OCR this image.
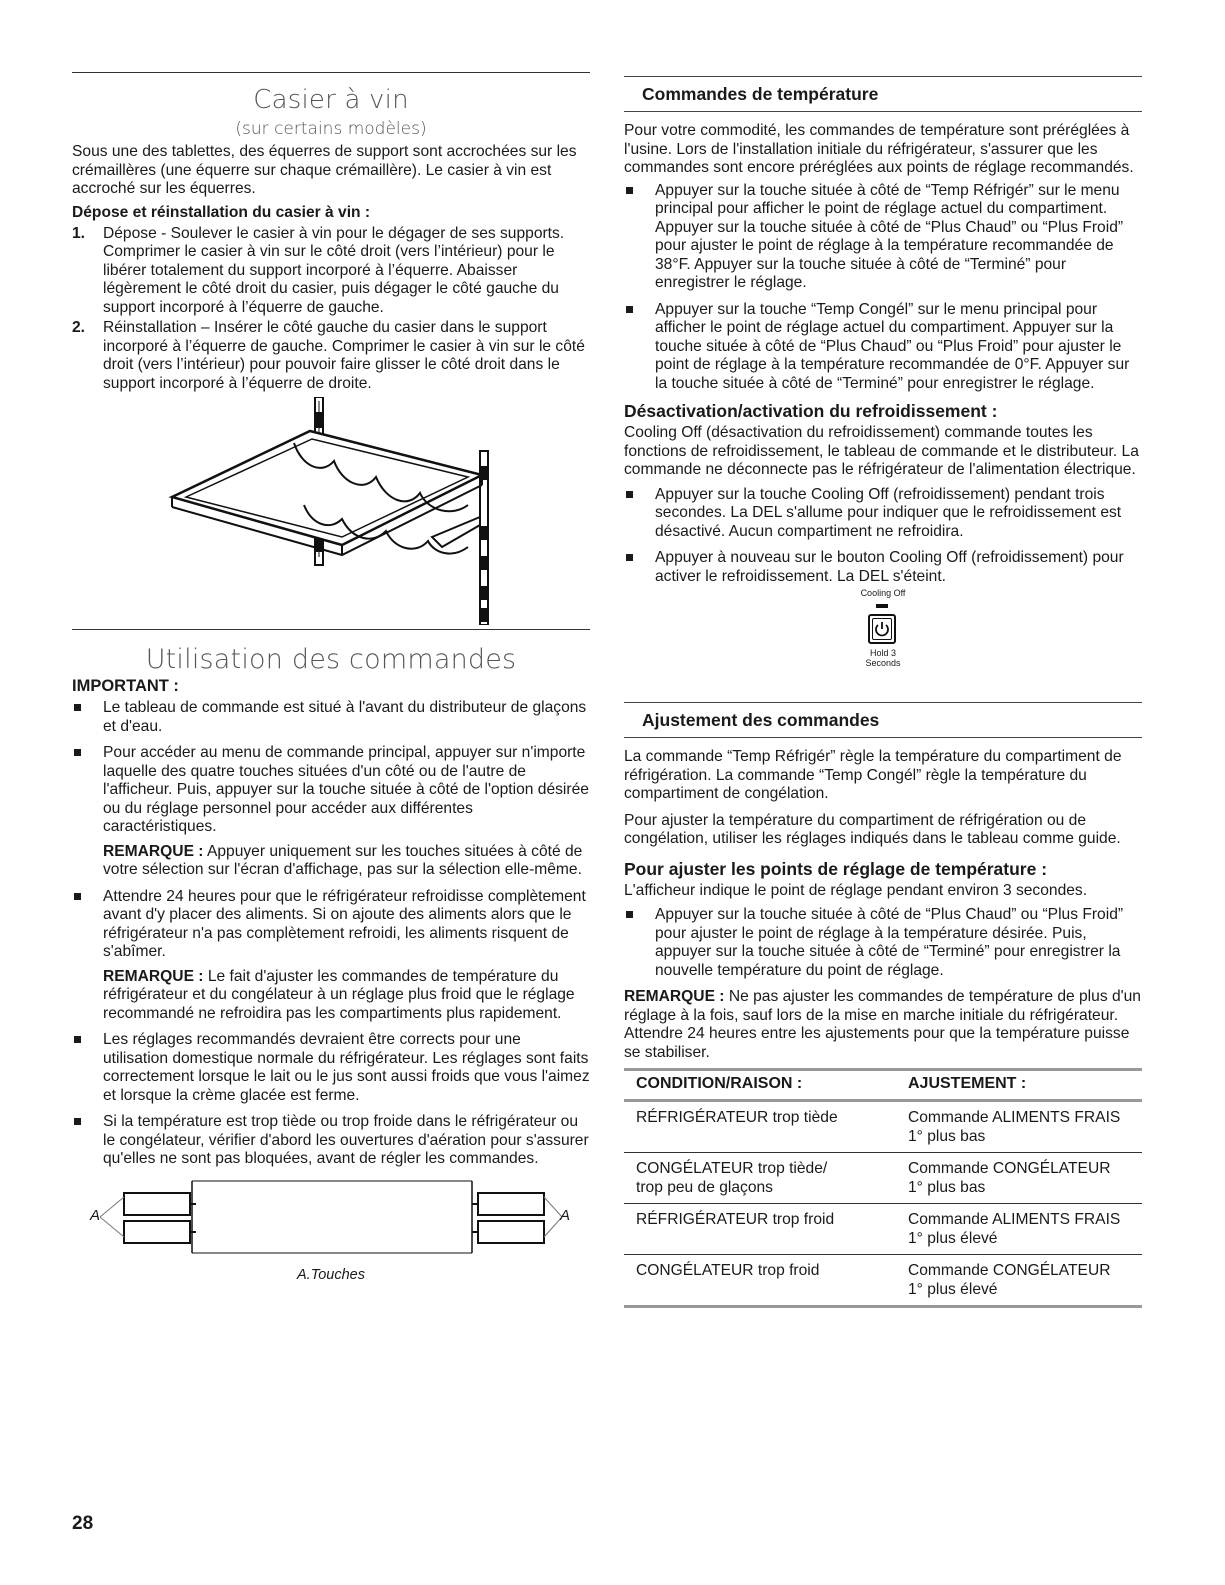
Casier à vin
(sur certains modèles)

Sous une des tablettes, des équerres de support sont accrochées sur les crémaillères (une équerre sur chaque crémaillère). Le casier à vin est accroché sur les équerres.

Dépose et réinstallation du casier à vin :
1. Dépose - Soulever le casier à vin pour le dégager de ses supports. Comprimer le casier à vin sur le côté droit (vers l’intérieur) pour le libérer totalement du support incorporé à l’équerre. Abaisser légèrement le côté droit du casier, puis dégager le côté gauche du support incorporé à l’équerre de gauche.
2. Réinstallation – Insérer le côté gauche du casier dans le support incorporé à l’équerre de gauche. Comprimer le casier à vin sur le côté droit (vers l’intérieur) pour pouvoir faire glisser le côté droit dans le support incorporé à l’équerre de droite.
Utilisation des commandes
IMPORTANT :
Le tableau de commande est situé à l'avant du distributeur de glaçons et d'eau.
Pour accéder au menu de commande principal, appuyer sur n'importe laquelle des quatre touches situées d'un côté ou de l'autre de l'afficheur. Puis, appuyer sur la touche située à côté de l'option désirée ou du réglage personnel pour accéder aux différentes caractéristiques.

REMARQUE : Appuyer uniquement sur les touches situées à côté de votre sélection sur l'écran d'affichage, pas sur la sélection elle-même.

Attendre 24 heures pour que le réfrigérateur refroidisse complètement avant d'y placer des aliments. Si on ajoute des aliments alors que le réfrigérateur n'a pas complètement refroidi, les aliments risquent de s'abîmer.

REMARQUE : Le fait d'ajuster les commandes de température du réfrigérateur et du congélateur à un réglage plus froid que le réglage recommandé ne refroidira pas les compartiments plus rapidement.

Les réglages recommandés devraient être corrects pour une utilisation domestique normale du réfrigérateur. Les réglages sont faits correctement lorsque le lait ou le jus sont aussi froids que vous l'aimez et lorsque la crème glacée est ferme.
Si la température est trop tiède ou trop froide dans le réfrigérateur ou le congélateur, vérifier d'abord les ouvertures d'aération pour s'assurer qu'elles ne sont pas bloquées, avant de régler les commandes.
A	A
A.Touches
Commandes de température

Pour votre commodité, les commandes de température sont préréglées à l'usine. Lors de l'installation initiale du réfrigérateur, s'assurer que les commandes sont encore préréglées aux points de réglage recommandés.

Appuyer sur la touche située à côté de “Temp Réfrigér” sur le menu principal pour afficher le point de réglage actuel du compartiment. Appuyer sur la touche située à côté de “Plus Chaud” ou “Plus Froid” pour ajuster le point de réglage à la température recommandée de 38°F. Appuyer sur la touche située à côté de “Terminé” pour enregistrer le réglage.
Appuyer sur la touche “Temp Congél” sur le menu principal pour afficher le point de réglage actuel du compartiment. Appuyer sur la touche située à côté de “Plus Chaud” ou “Plus Froid” pour ajuster le point de réglage à la température recommandée de 0°F. Appuyer sur la touche située à côté de “Terminé” pour enregistrer le réglage.
Désactivation/activation du refroidissement :

Cooling Off (désactivation du refroidissement) commande toutes les fonctions de refroidissement, le tableau de commande et le distributeur. La commande ne déconnecte pas le réfrigérateur de l'alimentation électrique.

Appuyer sur la touche Cooling Off (refroidissement) pendant trois secondes. La DEL s'allume pour indiquer que le refroidissement est désactivé. Aucun compartiment ne refroidira.
Appuyer à nouveau sur le bouton Cooling Off (refroidissement) pour activer le refroidissement. La DEL s'éteint.
Cooling Off
Hold 3
Seconds
Ajustement des commandes

La commande “Temp Réfrigér” règle la température du compartiment de réfrigération. La commande “Temp Congél” règle la température du compartiment de congélation.

Pour ajuster la température du compartiment de réfrigération ou de congélation, utiliser les réglages indiqués dans le tableau comme guide.

Pour ajuster les points de réglage de température :

L'afficheur indique le point de réglage pendant environ 3 secondes.

Appuyer sur la touche située à côté de “Plus Chaud” ou “Plus Froid” pour ajuster le point de réglage à la température désirée. Puis, appuyer sur la touche située à côté de “Terminé” pour enregistrer la nouvelle température du point de réglage.

REMARQUE : Ne pas ajuster les commandes de température de plus d'un réglage à la fois, sauf lors de la mise en marche initiale du réfrigérateur. Attendre 24 heures entre les ajustements pour que la température puisse se stabiliser.

CONDITION/RAISON :	AJUSTEMENT :
RÉFRIGÉRATEUR trop tiède	Commande ALIMENTS FRAIS 1° plus bas
CONGÉLATEUR trop tiède/ trop peu de glaçons	Commande CONGÉLATEUR 1° plus bas
RÉFRIGÉRATEUR trop froid	Commande ALIMENTS FRAIS 1° plus élevé
CONGÉLATEUR trop froid	Commande CONGÉLATEUR 1° plus élevé
28
